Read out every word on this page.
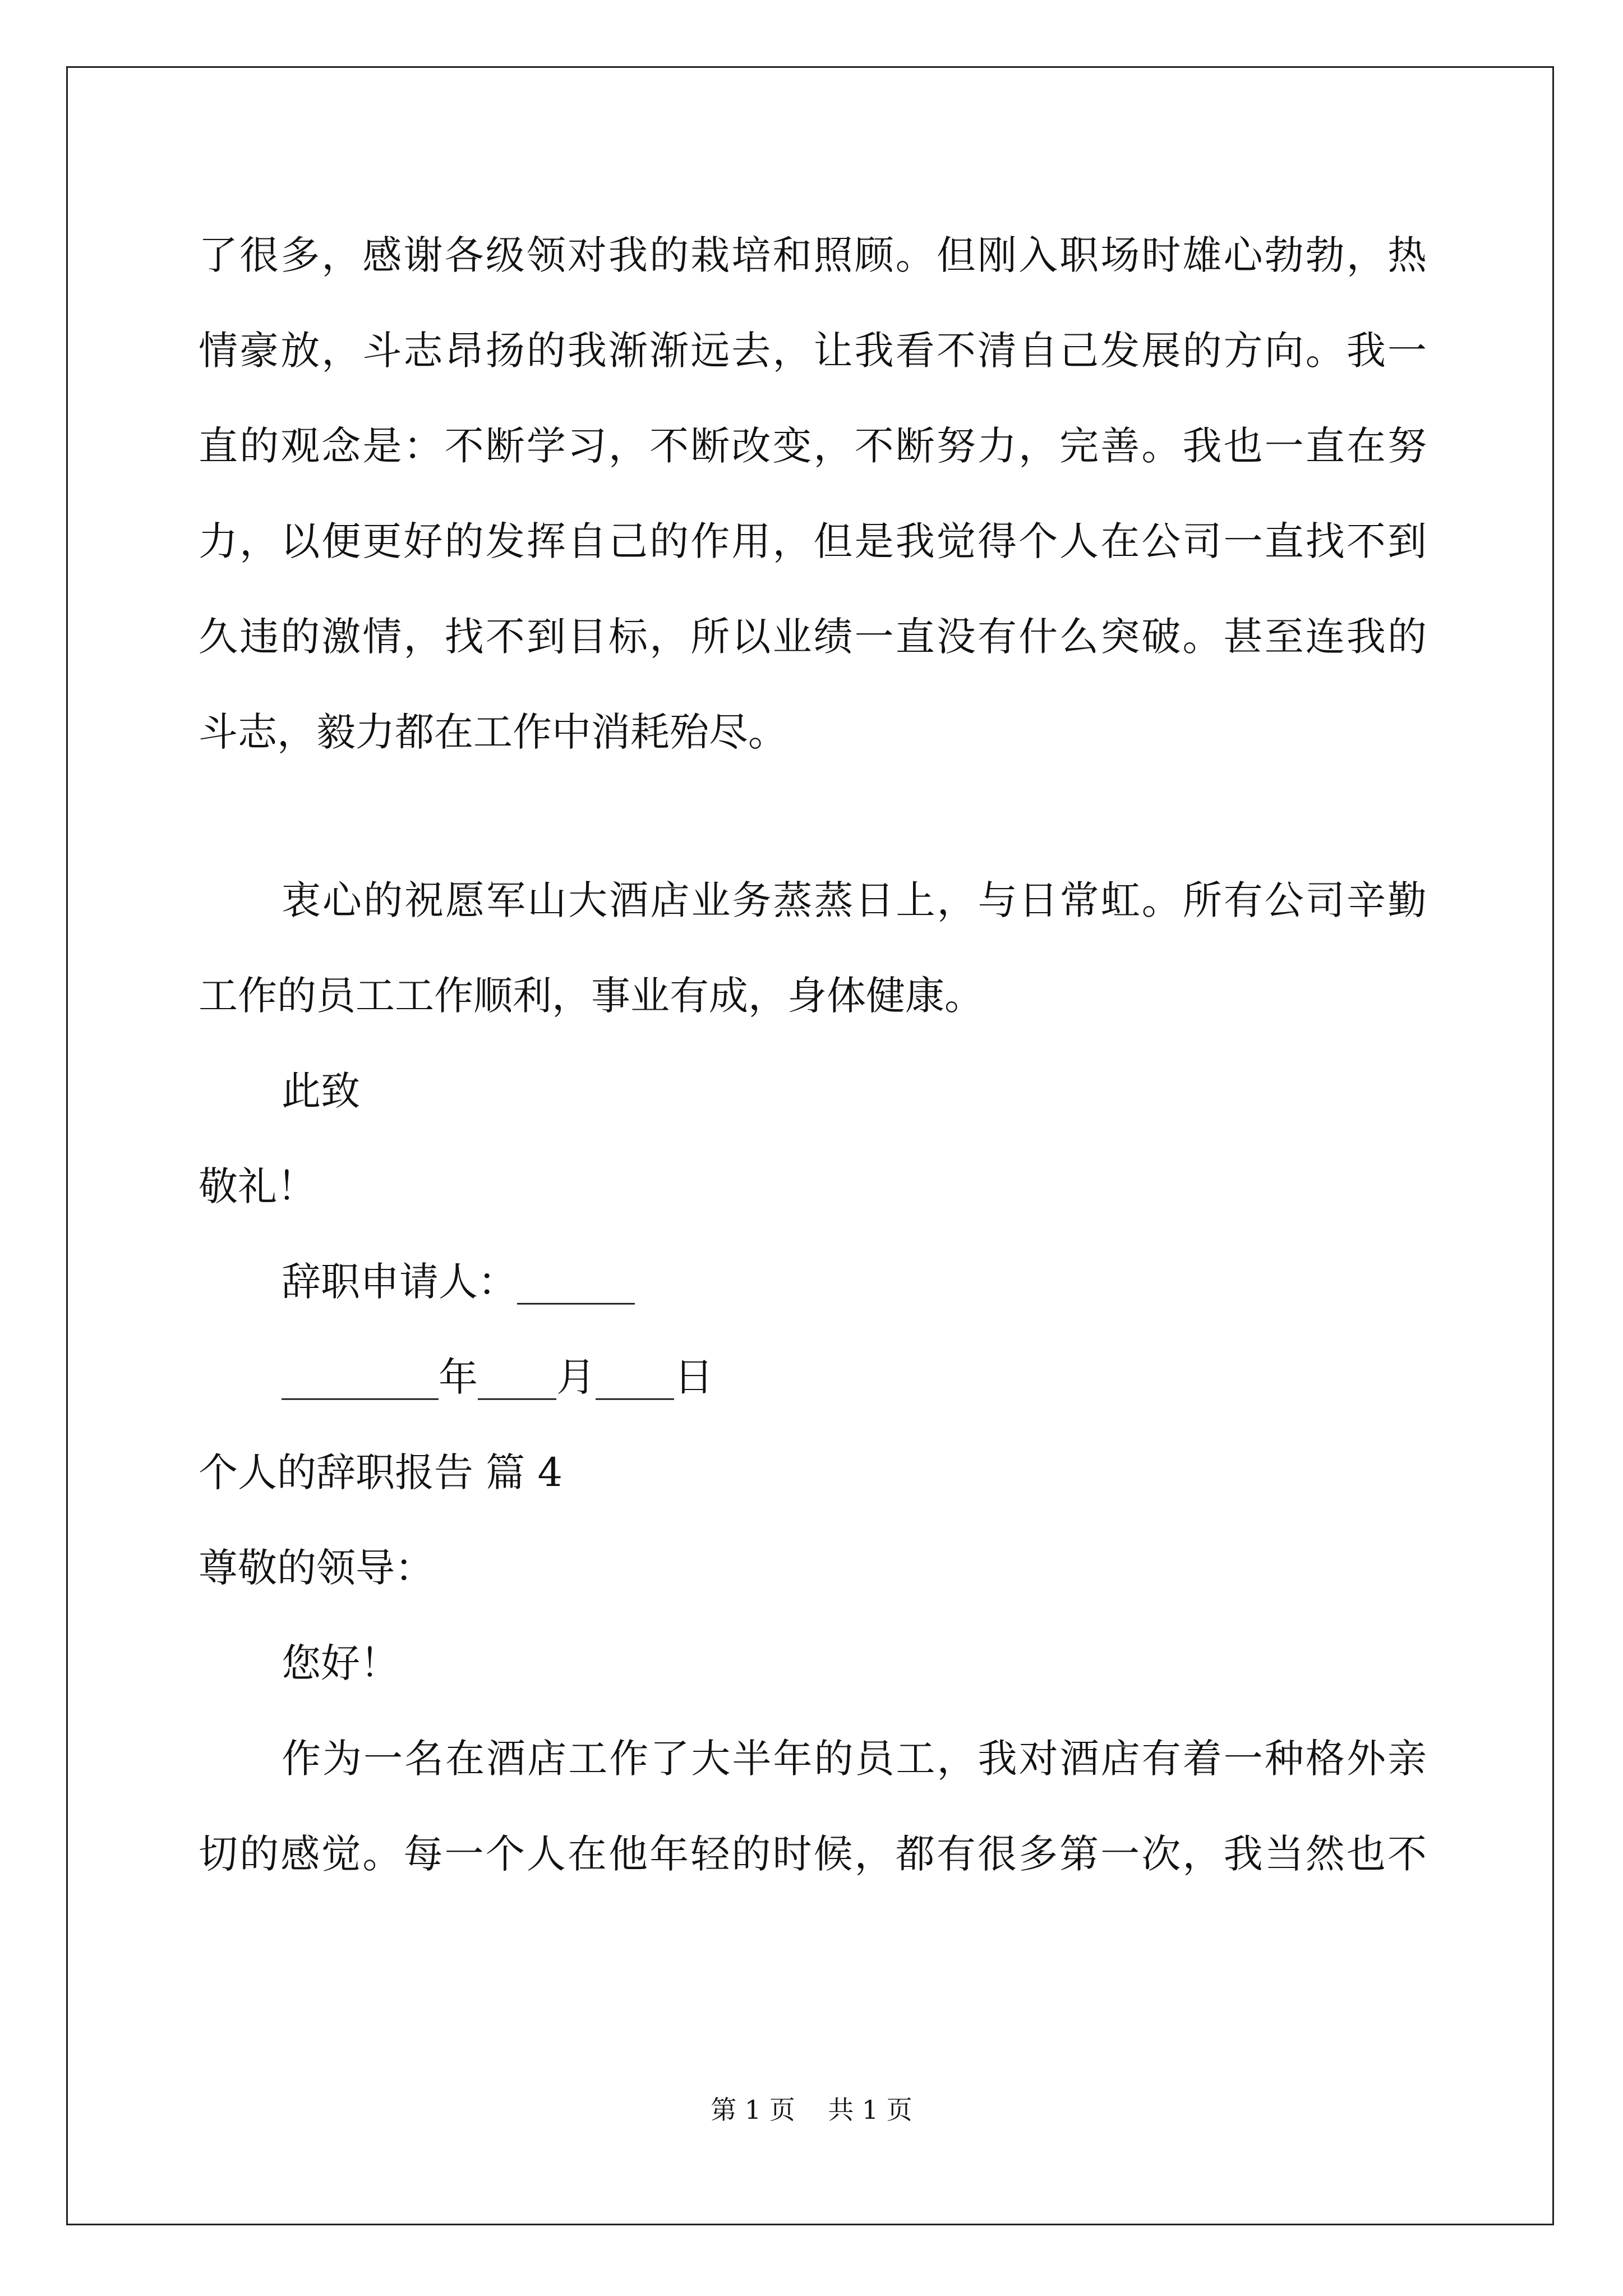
了很多，感谢各级领对我的栽培和照顾。但刚入职场时雄心勃勃，热
情豪放，斗志昂扬的我渐渐远去，让我看不清自己发展的方向。我一
直的观念是：不断学习，不断改变，不断努力，完善。我也一直在努
力，以便更好的发挥自己的作用，但是我觉得个人在公司一直找不到
久违的激情，找不到目标，所以业绩一直没有什么突破。甚至连我的
斗志，毅力都在工作中消耗殆尽。
衷心的祝愿军山大酒店业务蒸蒸日上，与日常虹。所有公司辛勤
工作的员工工作顺利，事业有成，身体健康。
此致
敬礼！
辞职申请人：______
________年____月____日
个人的辞职报告 篇 4
尊敬的领导：
您好！
作为一名在酒店工作了大半年的员工，我对酒店有着一种格外亲
切的感觉。每一个人在他年轻的时候，都有很多第一次，我当然也不
第 1 页    共 1 页
